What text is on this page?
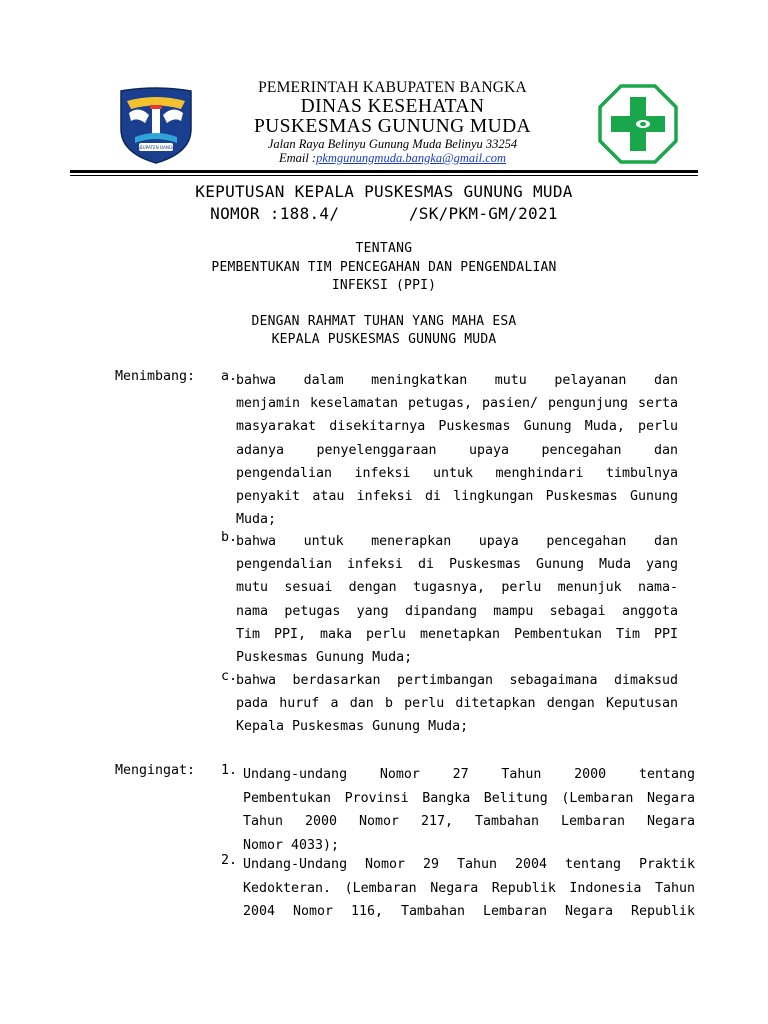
KABUPATEN BANGKA
PEMERINTAH KABUPATEN BANGKA
DINAS KESEHATAN
PUSKESMAS GUNUNG MUDA
Jalan Raya Belinyu Gunung Muda Belinyu 33254
Email :pkmgunungmuda.bangka@gmail.com
KEPUTUSAN KEPALA PUSKESMAS GUNUNG MUDA
NOMOR :188.4/       /SK/PKM-GM/2021
TENTANG
PEMBENTUKAN TIM PENCEGAHAN DAN PENGENDALIAN
INFEKSI (PPI)
DENGAN RAHMAT TUHAN YANG MAHA ESA
KEPALA PUSKESMAS GUNUNG MUDA
Menimbang: a.
bahwa dalam meningkatkan mutu pelayanan dan
menjamin keselamatan petugas, pasien/ pengunjung serta
masyarakat disekitarnya Puskesmas Gunung Muda, perlu
adanya penyelenggaraan upaya pencegahan dan
pengendalian infeksi untuk menghindari timbulnya
penyakit atau infeksi di lingkungan Puskesmas Gunung
Muda;
b.
bahwa untuk menerapkan upaya pencegahan dan
pengendalian infeksi di Puskesmas Gunung Muda yang
mutu sesuai dengan tugasnya, perlu menunjuk nama-
nama petugas yang dipandang mampu sebagai anggota
Tim PPI, maka perlu menetapkan Pembentukan Tim PPI
Puskesmas Gunung Muda;
c.
bahwa berdasarkan pertimbangan sebagaimana dimaksud
pada huruf a dan b perlu ditetapkan dengan Keputusan
Kepala Puskesmas Gunung Muda;
Mengingat: 1. Undang-undang Nomor 27 Tahun 2000 tentang
Pembentukan Provinsi Bangka Belitung (Lembaran Negara
Tahun 2000 Nomor 217, Tambahan Lembaran Negara
Nomor 4033);
2. Undang-Undang Nomor 29 Tahun 2004 tentang Praktik
Kedokteran. (Lembaran Negara Republik Indonesia Tahun
2004 Nomor 116, Tambahan Lembaran Negara Republik
